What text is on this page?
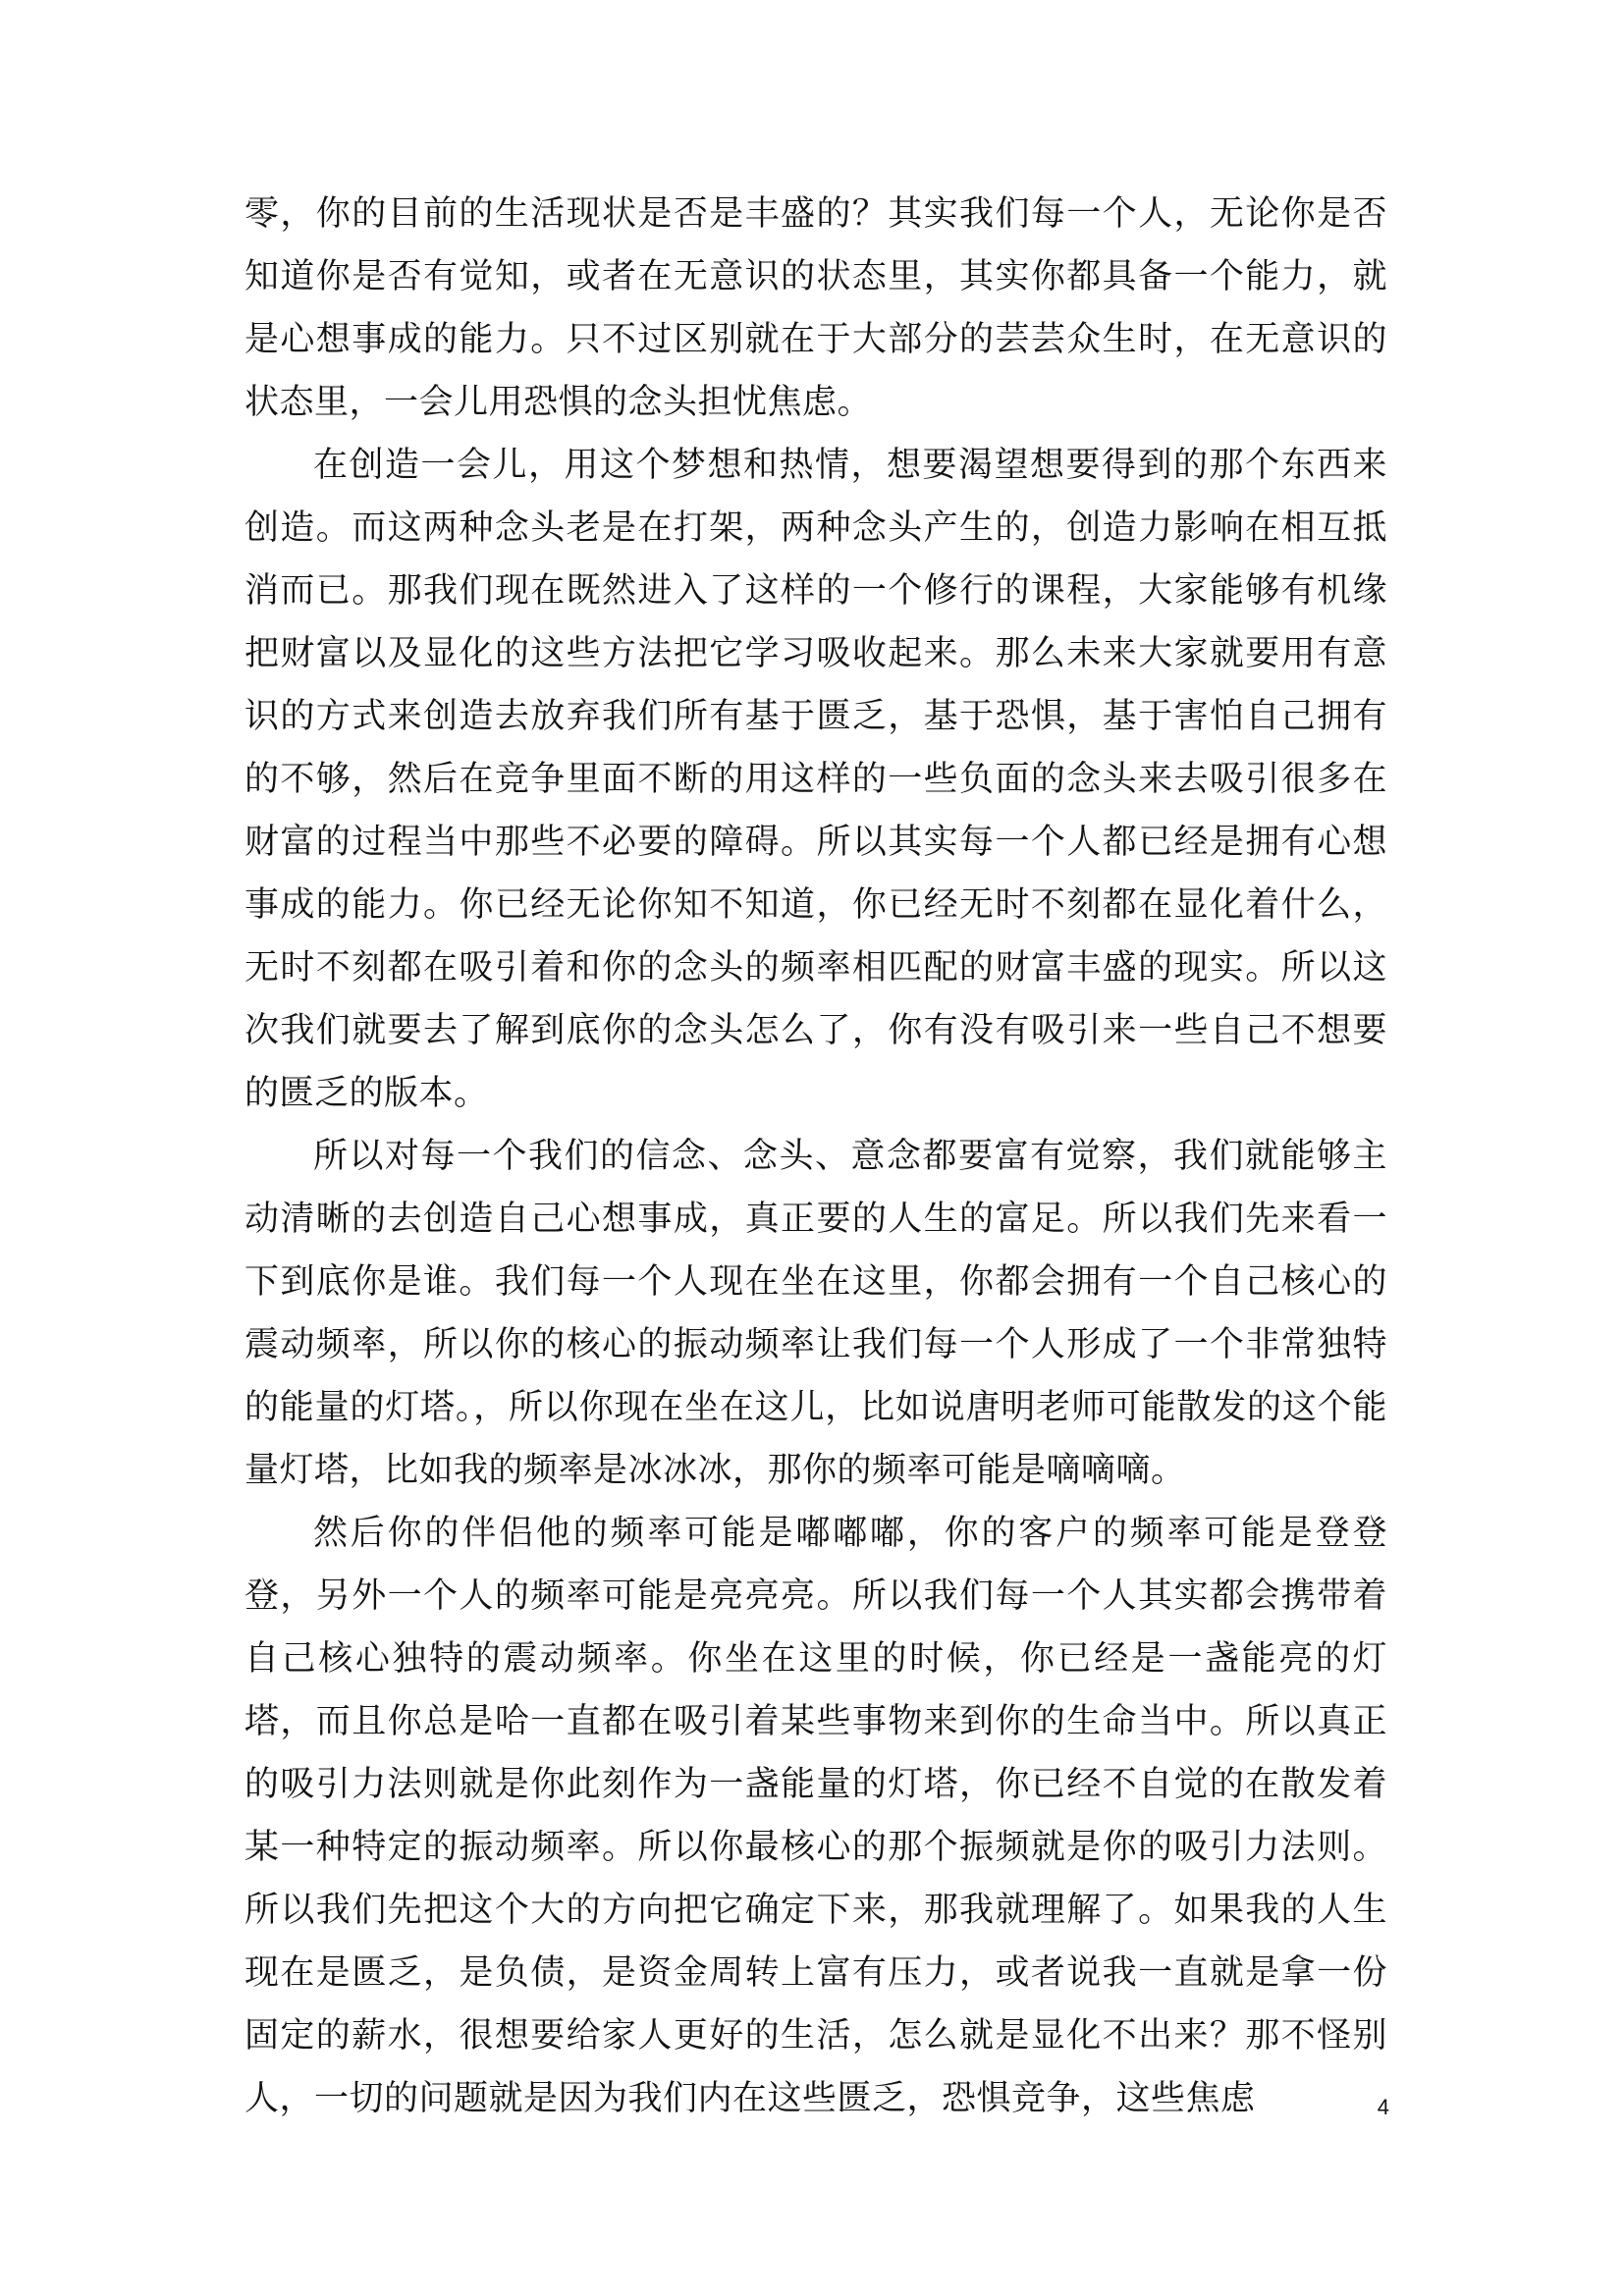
零，你的目前的生活现状是否是丰盛的？其实我们每一个人，无论你是否知道你是否有觉知，或者在无意识的状态里，其实你都具备一个能力，就是心想事成的能力。只不过区别就在于大部分的芸芸众生时，在无意识的状态里，一会儿用恐惧的念头担忧焦虑。

在创造一会儿，用这个梦想和热情，想要渴望想要得到的那个东西来创造。而这两种念头老是在打架，两种念头产生的，创造力影响在相互抵消而已。那我们现在既然进入了这样的一个修行的课程，大家能够有机缘把财富以及显化的这些方法把它学习吸收起来。那么未来大家就要用有意识的方式来创造去放弃我们所有基于匮乏，基于恐惧，基于害怕自己拥有的不够，然后在竞争里面不断的用这样的一些负面的念头来去吸引很多在财富的过程当中那些不必要的障碍。所以其实每一个人都已经是拥有心想事成的能力。你已经无论你知不知道，你已经无时不刻都在显化着什么，无时不刻都在吸引着和你的念头的频率相匹配的财富丰盛的现实。所以这次我们就要去了解到底你的念头怎么了，你有没有吸引来一些自己不想要的匮乏的版本。

所以对每一个我们的信念、念头、意念都要富有觉察，我们就能够主动清晰的去创造自己心想事成，真正要的人生的富足。所以我们先来看一下到底你是谁。我们每一个人现在坐在这里，你都会拥有一个自己核心的震动频率，所以你的核心的振动频率让我们每一个人形成了一个非常独特的能量的灯塔。，所以你现在坐在这儿，比如说唐明老师可能散发的这个能量灯塔，比如我的频率是冰冰冰，那你的频率可能是嘀嘀嘀。

然后你的伴侣他的频率可能是嘟嘟嘟，你的客户的频率可能是登登登，另外一个人的频率可能是亮亮亮。所以我们每一个人其实都会携带着自己核心独特的震动频率。你坐在这里的时候，你已经是一盏能亮的灯塔，而且你总是哈一直都在吸引着某些事物来到你的生命当中。所以真正的吸引力法则就是你此刻作为一盏能量的灯塔，你已经不自觉的在散发着某一种特定的振动频率。所以你最核心的那个振频就是你的吸引力法则。所以我们先把这个大的方向把它确定下来，那我就理解了。如果我的人生现在是匮乏，是负债，是资金周转上富有压力，或者说我一直就是拿一份固定的薪水，很想要给家人更好的生活，怎么就是显化不出来？那不怪别人，一切的问题就是因为我们内在这些匮乏，恐惧竞争，这些焦虑	4
